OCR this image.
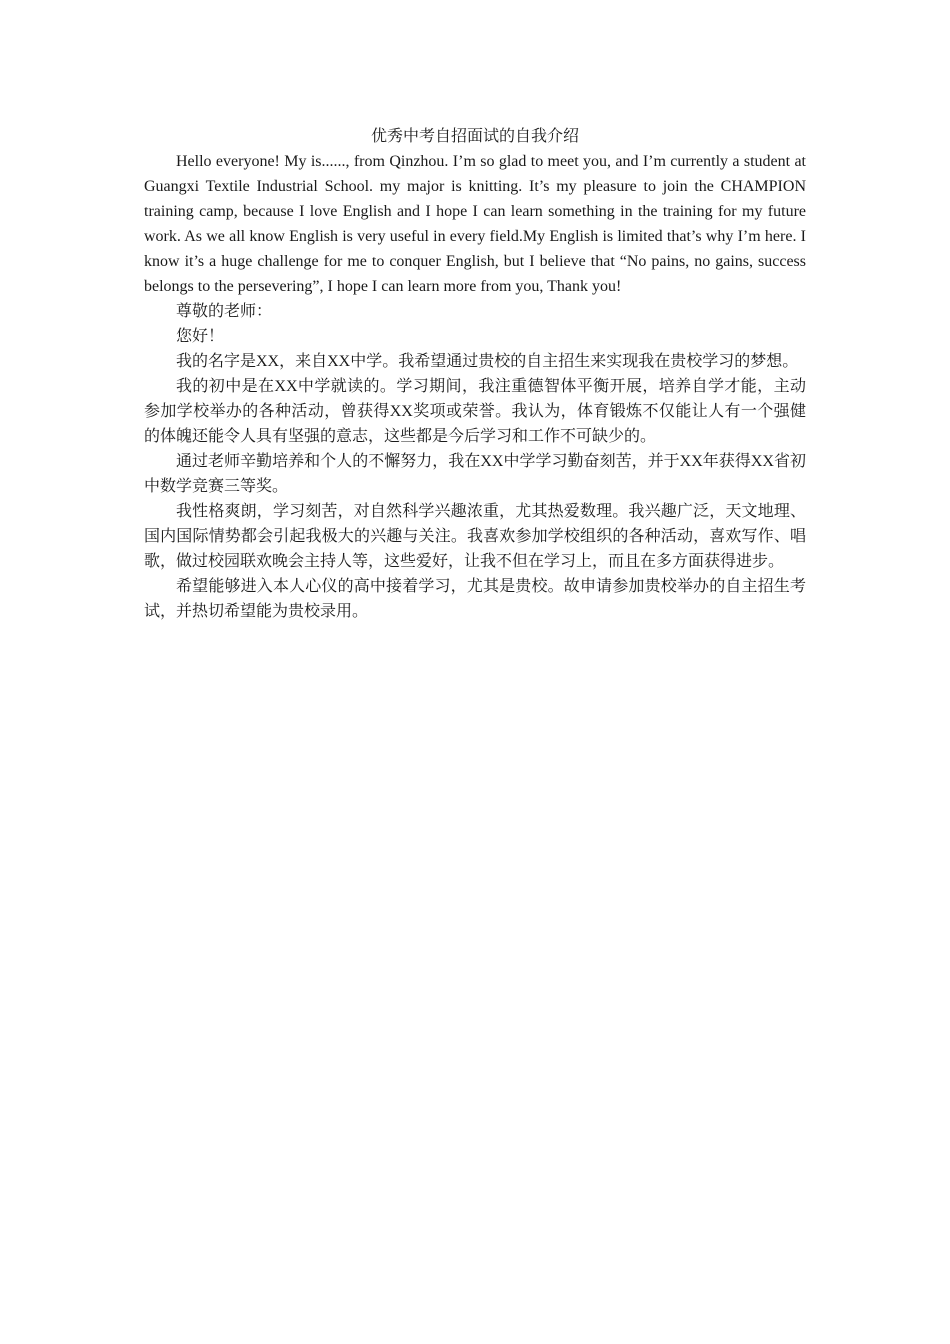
优秀中考自招面试的自我介绍

Hello everyone! My is......, from Qinzhou. I’m so glad to meet you, and I’m currently a student at Guangxi Textile Industrial School. my major is knitting. It’s my pleasure to join the CHAMPION training camp, because I love English and I hope I can learn something in the training for my future work. As we all know English is very useful in every field.My English is limited that’s why I’m here. I know it’s a huge challenge for me to conquer English, but I believe that “No pains, no gains, success belongs to the persevering”, I hope I can learn more from you, Thank you!

尊敬的老师：

您好！

我的名字是XX，来自XX中学。我希望通过贵校的自主招生来实现我在贵校学习的梦想。

我的初中是在XX中学就读的。学习期间，我注重德智体平衡开展，培养自学才能，主动参加学校举办的各种活动，曾获得XX奖项或荣誉。我认为，体育锻炼不仅能让人有一个强健的体魄还能令人具有坚强的意志，这些都是今后学习和工作不可缺少的。

通过老师辛勤培养和个人的不懈努力，我在XX中学学习勤奋刻苦，并于XX年获得XX省初中数学竞赛三等奖。

我性格爽朗，学习刻苦，对自然科学兴趣浓重，尤其热爱数理。我兴趣广泛，天文地理、国内国际情势都会引起我极大的兴趣与关注。我喜欢参加学校组织的各种活动，喜欢写作、唱歌，做过校园联欢晚会主持人等，这些爱好，让我不但在学习上，而且在多方面获得进步。

希望能够进入本人心仪的高中接着学习，尤其是贵校。故申请参加贵校举办的自主招生考试，并热切希望能为贵校录用。
